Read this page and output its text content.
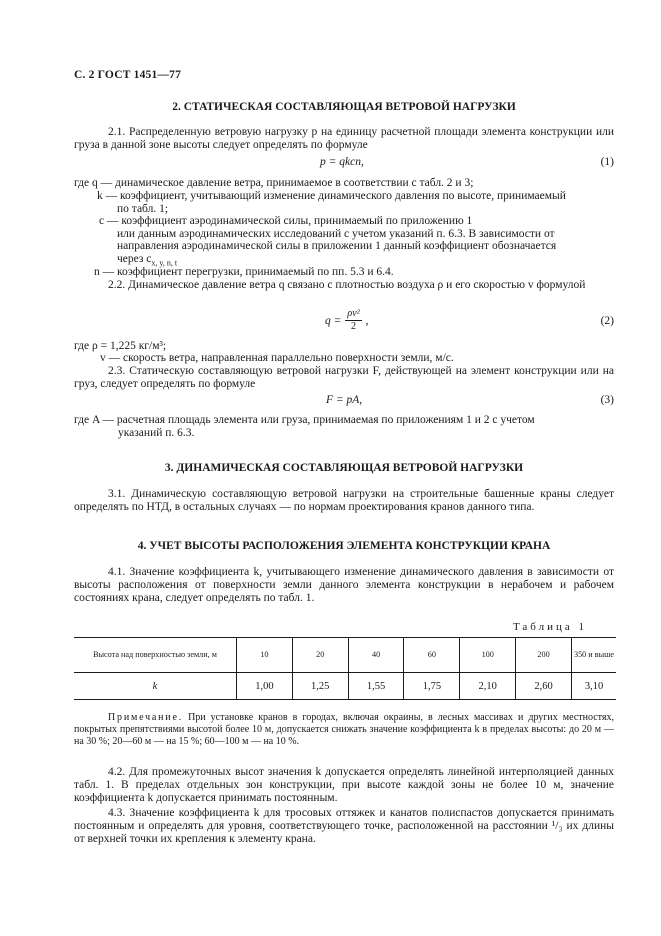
С. 2 ГОСТ 1451—77
2. СТАТИЧЕСКАЯ СОСТАВЛЯЮЩАЯ ВЕТРОВОЙ НАГРУЗКИ
2.1. Распределенную ветровую нагрузку p на единицу расчетной площади элемента конструкции или груза в данной зоне высоты следует определять по формуле
p = qkcn,	(1)
где q — динамическое давление ветра, принимаемое в соответствии с табл. 2 и 3;
k — коэффициент, учитывающий изменение динамического давления по высоте, принимаемый
по табл. 1;
c — коэффициент аэродинамической силы, принимаемый по приложению 1
или данным аэродинамических исследований с учетом указаний п. 6.3. В зависимости от
направления аэродинамической силы в приложении 1 данный коэффициент обозначается
через $c_{x, y, n, t}$
n — коэффициент перегрузки, принимаемый по пп. 5.3 и 6.4.
2.2. Динамическое давление ветра q связано с плотностью воздуха ρ и его скоростью v формулой
$q = \frac{\text{ρv²}}{2}$ ,	(2)
где ρ = 1,225 кг/м³;
v — скорость ветра, направленная параллельно поверхности земли, м/с.
2.3. Статическую составляющую ветровой нагрузки F, действующей на элемент конструкции или на груз, следует определять по формуле
F = pA,	(3)
где A — расчетная площадь элемента или груза, принимаемая по приложениям 1 и 2 с учетом
указаний п. 6.3.
3. ДИНАМИЧЕСКАЯ СОСТАВЛЯЮЩАЯ ВЕТРОВОЙ НАГРУЗКИ
3.1. Динамическую составляющую ветровой нагрузки на строительные башенные краны следует определять по НТД, в остальных случаях — по нормам проектирования кранов данного типа.
4. УЧЕТ ВЫСОТЫ РАСПОЛОЖЕНИЯ ЭЛЕМЕНТА КОНСТРУКЦИИ КРАНА
4.1. Значение коэффициента k, учитывающего изменение динамического давления в зависимости от высоты расположения от поверхности земли данного элемента конструкции в нерабочем и рабочем состояниях крана, следует определять по табл. 1.
Таблица 1
Высота над поверхностью земли, м	10	20	40	60	100	200	350 и выше
k	1,00	1,25	1,55	1,75	2,10	2,60	3,10
Примечание. При установке кранов в городах, включая окраины, в лесных массивах и других местностях, покрытых препятствиями высотой более 10 м, допускается снижать значение коэффициента k в пределах высоты: до 20 м — на 30 %; 20—60 м — на 15 %; 60—100 м — на 10 %.
4.2. Для промежуточных высот значения k допускается определять линейной интерполяцией данных табл. 1. В пределах отдельных зон конструкции, при высоте каждой зоны не более 10 м, значение коэффициента k допускается принимать постоянным.
4.3. Значение коэффициента k для тросовых оттяжек и канатов полиспастов допускается принимать постоянным и определять для уровня, соответствующего точке, расположенной на расстоянии ¹/₃ их длины от верхней точки их крепления к элементу крана.
